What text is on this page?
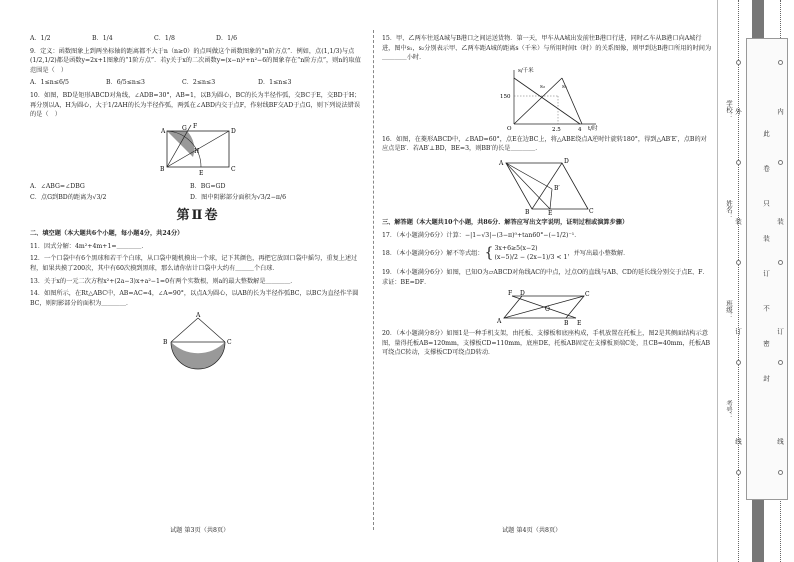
A．1/2	B．1/4	C．1/8	D．1/6
9．定义：函数图象上到两坐标轴的距离都不大于n（n≥0）的点叫做这个函数图象的“n阶方点”．例如，点(1,1/3)与点(1/2,1/2)都是函数y=2x+1图象的“1阶方点”．若y关于x的二次函数y=(x−n)²+n²−6的图象存在“n阶方点”，则n的取值范围是（　）
A．1≤n≤6/5	B．6/5≤n≤3	C．2≤n≤3	D．1≤n≤3
10．如图，BD是矩形ABCD对角线，∠ADB=30°，AB=1，以B为圆心，BC的长为半径作弧，交BC于E，交BD于H；再分别以A，H为圆心，大于1/2AH的长为半径作弧，两弧在∠ABD内交于点F，作射线BF交AD于点G，则下列说法错误的是（　）
A	D
B	C
F
G
H
E
A．∠ABG=∠DBG	B．BG=GD
C．点G到BD的距离为√3/2	D．图中阴影部分面积为√3/2−π/6
第Ⅱ卷
二、填空题（本大题共6个小题，每小题4分，共24分）
11．因式分解：4m²+4m+1=＿＿＿＿．
12．一个口袋中有6个黑球和若干个白球，从口袋中随机摸出一个球，记下其颜色，再把它放回口袋中摇匀，重复上述过程，如果共摸了200次，其中有60次摸到黑球，那么请你估计口袋中大约有＿＿＿个白球．
13．关于x的一元二次方程x²+(2a−3)x+a²−1=0有两个实数根，则a的最大整数解是＿＿＿＿．
14．如图所示，在Rt△ABC中，AB=AC=4，∠A=90°，以点A为圆心，以AB的长为半径作弧BC，以BC为直径作半圆BC，则阴影部分的面积为＿＿＿＿．
A
B	C
15．甲、乙两车往返A城与B港口之间运送货物．第一天，甲车从A城出发前往B港口行进，同时乙车从B港口向A城行进，图中s₁，s₂分别表示甲、乙两车距A城的距离s（千米）与所用时间t（时）的关系图像，则甲到达B港口所用的时间为＿＿＿＿小时．
s/千米
t/时
150
2.5	4
O
s₁
s₂
16．如图，在菱形ABCD中，∠BAD=60°，点E在边BC上，将△ABE绕点A逆时针旋转180°，得到△AB′E′，点B的对应点是B′．若AB′⊥BD，BE=3，则BB′的长是＿＿＿＿．
A	D
B	C
E
B′
三、解答题（本大题共10个小题，共86分．解答应写出文字说明，证明过程或演算步骤）
17．（本小题满分6分）计算：−|1−√3|−(3−π)⁰+tan60°−(−1/2)⁻¹．
18．（本小题满分6分）解不等式组： { 3x+6≥5(x−2)
(x−5)/2 − (2x−1)/3 < 1
，并写出最小整数解．
19．（本小题满分6分）如图，已知O为▱ABCD对角线AC的中点，过点O的直线与AB、CD的延长线分别交于点E、F．求证：BE=DF．
F D	C
A	B E
O
20．（本小题满分8分）如图1是一种手机支架，由托板、支撑板和底座构成，手机放置在托板上，图2是其侧面结构示意图，量得托板AB=120mm，支撑板CD=110mm，底座DE，托板AB固定在支撑板顶端C处，且CB=40mm，托板AB可绕点C转动，支撑板CD可绕点D转动．
试题 第3页（共8页）	试题 第4页（共8页）
学校：
姓名：
班级：
考号：
此
卷
只
装
订
不
密
封
外
装
订
线
内
装
订
线
